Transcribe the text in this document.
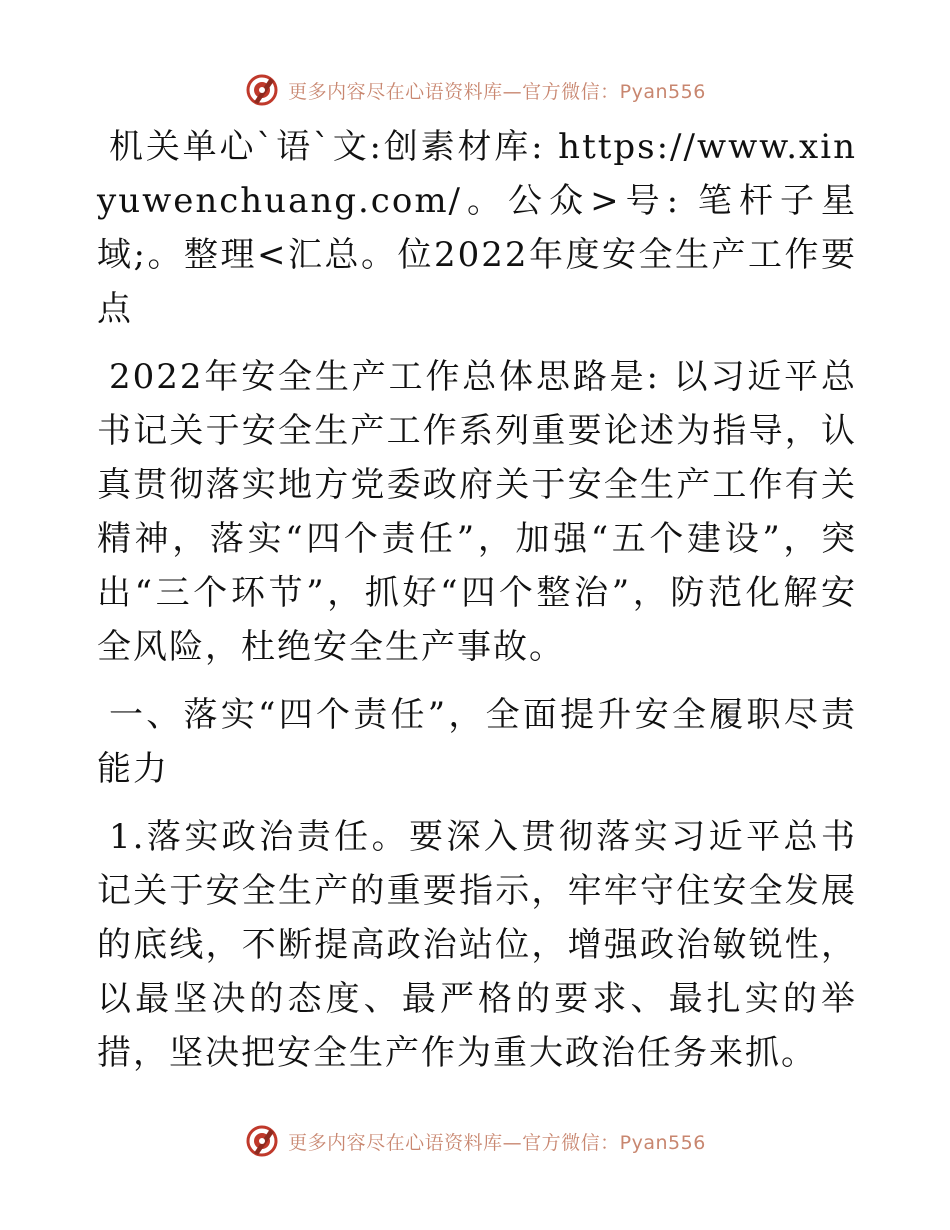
更多内容尽在心语资料库—官方微信：Pyan556

机关单心`语`文:创素材库: https://www.xinyuwenchuang.com/。公众>号: 笔杆子星域;。整理<汇总。位2022年度安全生产工作要点

2022年安全生产工作总体思路是: 以习近平总书记关于安全生产工作系列重要论述为指导，认真贯彻落实地方党委政府关于安全生产工作有关精神，落实“四个责任”，加强“五个建设”，突出“三个环节”，抓好“四个整治”，防范化解安全风险，杜绝安全生产事故。

一、落实“四个责任”，全面提升安全履职尽责能力

1.落实政治责任。要深入贯彻落实习近平总书记关于安全生产的重要指示，牢牢守住安全发展的底线，不断提高政治站位，增强政治敏锐性，以最坚决的态度、最严格的要求、最扎实的举措，坚决把安全生产作为重大政治任务来抓。

更多内容尽在心语资料库—官方微信：Pyan556
